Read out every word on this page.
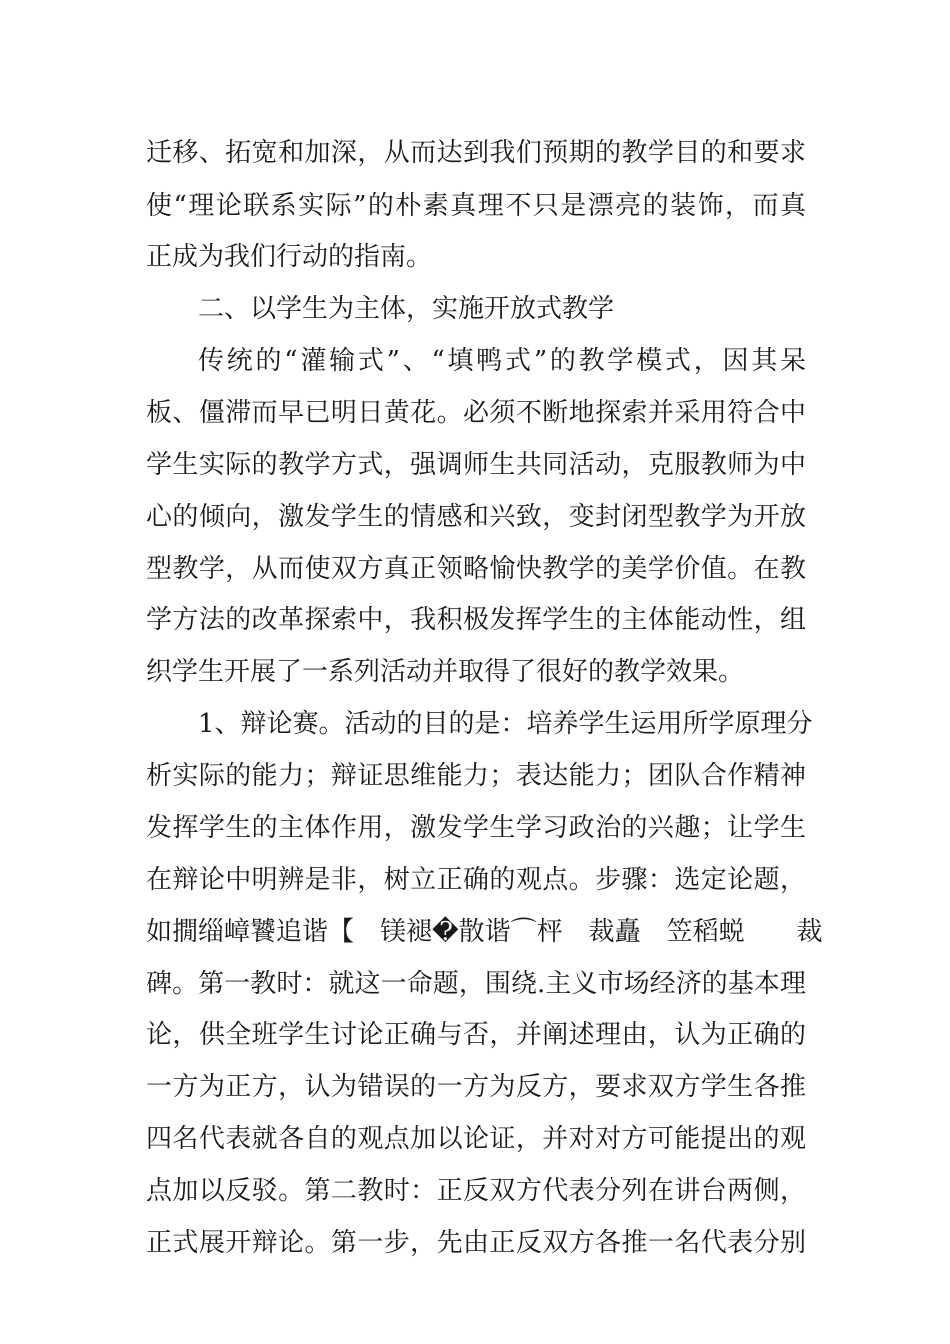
迁移、拓宽和加深，从而达到我们预期的教学目的和要求
使“理论联系实际”的朴素真理不只是漂亮的装饰，而真
正成为我们行动的指南。
二、以学生为主体，实施开放式教学
传统的“灌输式”、“填鸭式”的教学模式，因其呆
板、僵滞而早已明日黄花。必须不断地探索并采用符合中
学生实际的教学方式，强调师生共同活动，克服教师为中
心的倾向，激发学生的情感和兴致，变封闭型教学为开放
型教学，从而使双方真正领略愉快教学的美学价值。在教
学方法的改革探索中，我积极发挥学生的主体能动性，组
织学生开展了一系列活动并取得了很好的教学效果。
1、辩论赛。活动的目的是：培养学生运用所学原理分
析实际的能力；辩证思维能力；表达能力；团队合作精神
发挥学生的主体作用，激发学生学习政治的兴趣；让学生
在辩论中明辨是非，树立正确的观点。步骤：选定论题，
如撊缁嶂饕追谐【　镁褪�散谐⌒枰　裁矗　笠稻蜕　　裁
碑。第一教时：就这一命题，围绕.主义市场经济的基本理
论，供全班学生讨论正确与否，并阐述理由，认为正确的
一方为正方，认为错误的一方为反方，要求双方学生各推
四名代表就各自的观点加以论证，并对对方可能提出的观
点加以反驳。第二教时：正反双方代表分列在讲台两侧，
正式展开辩论。第一步，先由正反双方各推一名代表分别
